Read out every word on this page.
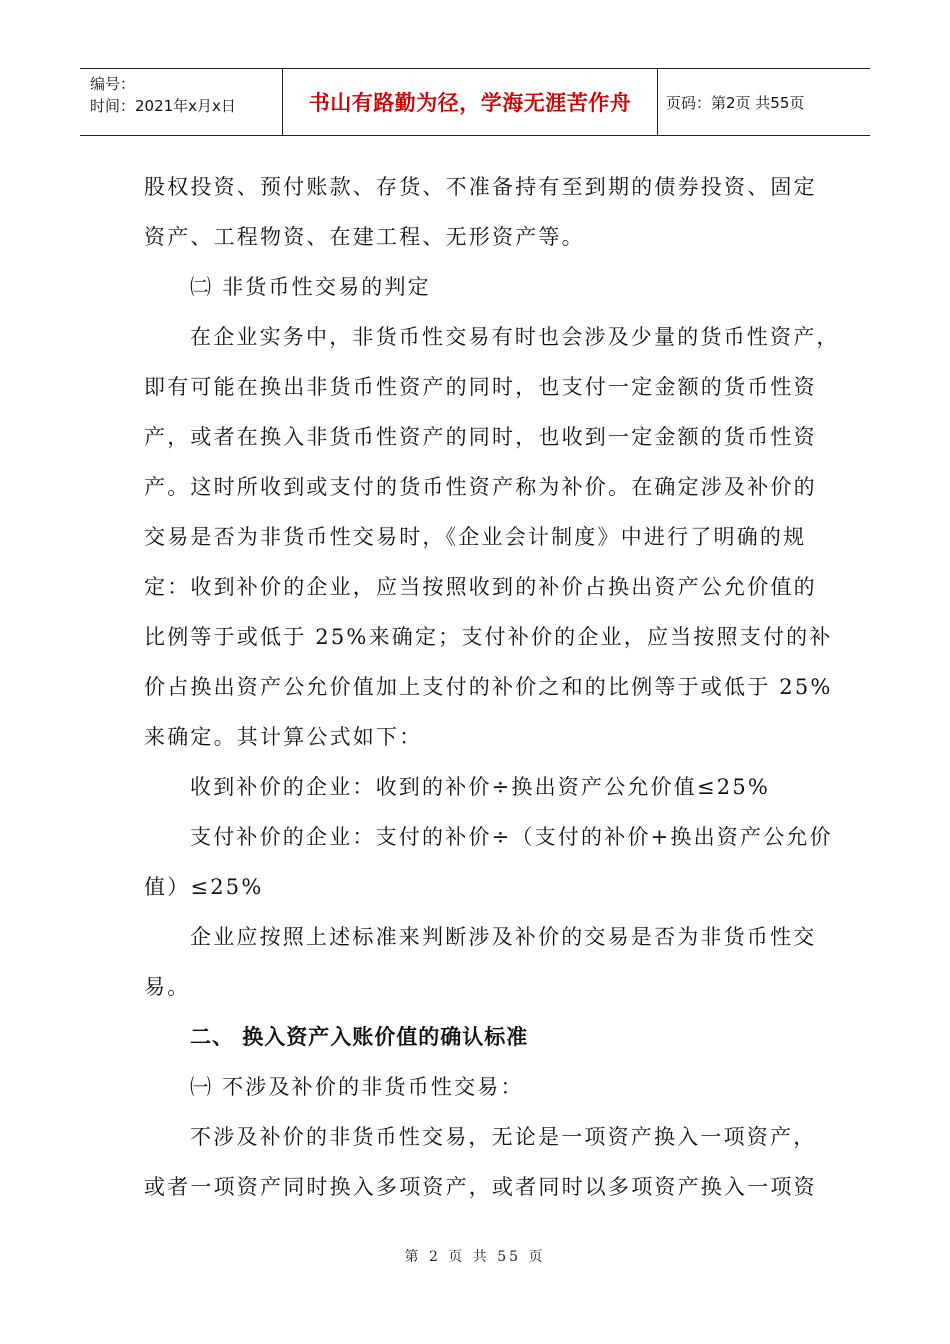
编号：
时间：2021年x月x日	书山有路勤为径，学海无涯苦作舟	页码：第2页 共55页
股权投资、预付账款、存货、不准备持有至到期的债券投资、固定
资产、工程物资、在建工程、无形资产等。
㈡ 非货币性交易的判定
在企业实务中，非货币性交易有时也会涉及少量的货币性资产，
即有可能在换出非货币性资产的同时，也支付一定金额的货币性资
产，或者在换入非货币性资产的同时，也收到一定金额的货币性资
产。这时所收到或支付的货币性资产称为补价。在确定涉及补价的
交易是否为非货币性交易时，《企业会计制度》中进行了明确的规
定：收到补价的企业，应当按照收到的补价占换出资产公允价值的
比例等于或低于 25%来确定；支付补价的企业，应当按照支付的补
价占换出资产公允价值加上支付的补价之和的比例等于或低于 25%
来确定。其计算公式如下：
收到补价的企业：收到的补价÷换出资产公允价值≤25%
支付补价的企业：支付的补价÷（支付的补价+换出资产公允价
值）≤25%
企业应按照上述标准来判断涉及补价的交易是否为非货币性交
易。
二、 换入资产入账价值的确认标准
㈠ 不涉及补价的非货币性交易：
不涉及补价的非货币性交易，无论是一项资产换入一项资产，
或者一项资产同时换入多项资产，或者同时以多项资产换入一项资
第 2 页 共 55 页
